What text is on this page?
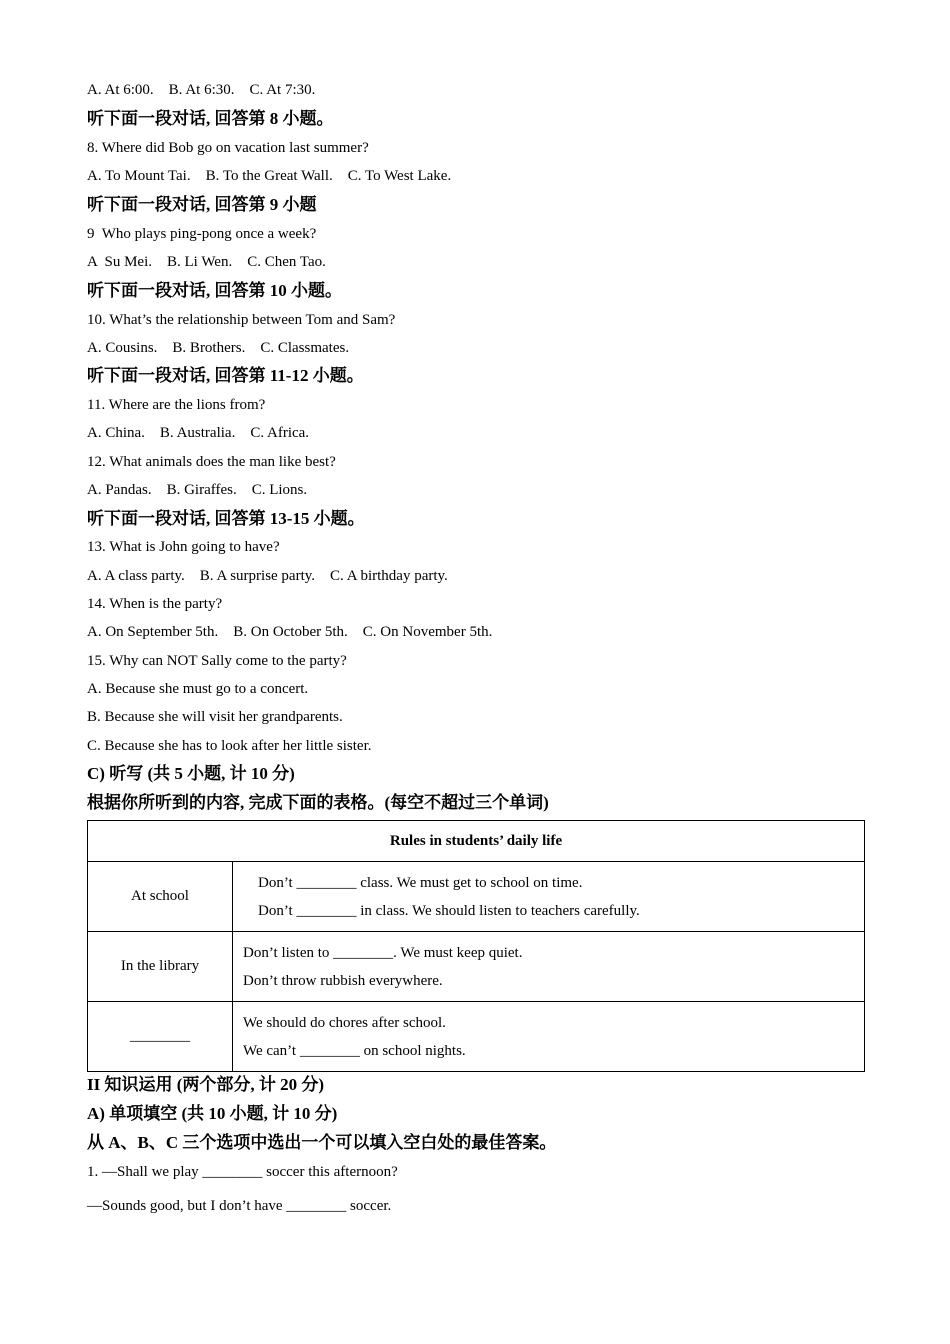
A. At 6:00.    B. At 6:30.    C. At 7:30.
听下面一段对话, 回答第 8 小题。
8. Where did Bob go on vacation last summer?
A. To Mount Tai.    B. To the Great Wall.    C. To West Lake.
听下面一段对话, 回答第 9 小题
9  Who plays ping-pong once a week?
A  Su Mei.    B. Li Wen.    C. Chen Tao.
听下面一段对话, 回答第 10 小题。
10. What’s the relationship between Tom and Sam?
A. Cousins.    B. Brothers.    C. Classmates.
听下面一段对话, 回答第 11-12 小题。
11. Where are the lions from?
A. China.    B. Australia.    C. Africa.
12. What animals does the man like best?
A. Pandas.    B. Giraffes.    C. Lions.
听下面一段对话, 回答第 13-15 小题。
13. What is John going to have?
A. A class party.    B. A surprise party.    C. A birthday party.
14. When is the party?
A. On September 5th.    B. On October 5th.    C. On November 5th.
15. Why can NOT Sally come to the party?
A. Because she must go to a concert.
B. Because she will visit her grandparents.
C. Because she has to look after her little sister.
C) 听写 (共 5 小题, 计 10 分)
根据你所听到的内容, 完成下面的表格。(每空不超过三个单词)
Rules in students’ daily life	
At school	Don’t ________ class. We must get to school on time.
Don’t ________ in class. We should listen to teachers carefully.

In the library	Don’t listen to ________. We must keep quiet.
Don’t throw rubbish everywhere.

________	We should do chores after school.
We can’t ________ on school nights.
II 知识运用 (两个部分, 计 20 分)
A) 单项填空 (共 10 小题, 计 10 分)
从 A、B、C 三个选项中选出一个可以填入空白处的最佳答案。
1. —Shall we play ________ soccer this afternoon?
—Sounds good, but I don’t have ________ soccer.
